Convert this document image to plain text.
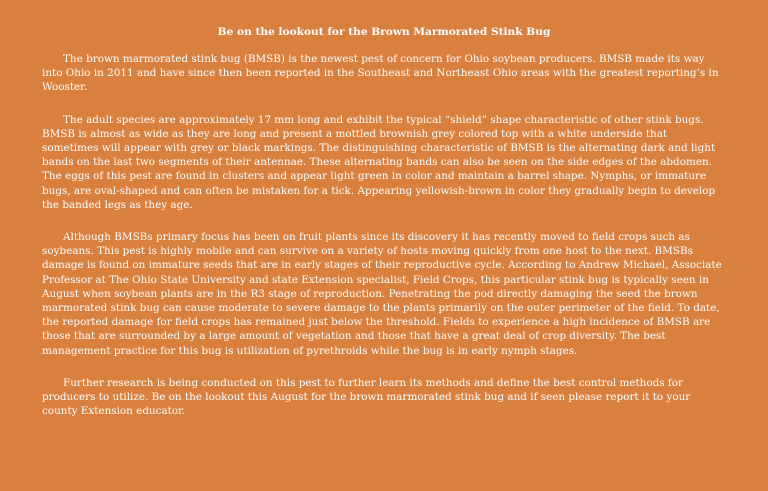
Be on the lookout for the Brown Marmorated Stink Bug

The brown marmorated stink bug (BMSB) is the newest pest of concern for Ohio soybean producers. BMSB made its way into Ohio in 2011 and have since then been reported in the Southeast and Northeast Ohio areas with the greatest reporting’s in Wooster.

The adult species are approximately 17 mm long and exhibit the typical “shield” shape characteristic of other stink bugs. BMSB is almost as wide as they are long and present a mottled brownish grey colored top with a white underside that sometimes will appear with grey or black markings. The distinguishing characteristic of BMSB is the alternating dark and light bands on the last two segments of their antennae. These alternating bands can also be seen on the side edges of the abdomen. The eggs of this pest are found in clusters and appear light green in color and maintain a barrel shape. Nymphs, or immature bugs, are oval-shaped and can often be mistaken for a tick. Appearing yellowish-brown in color they gradually begin to develop the banded legs as they age.

Although BMSBs primary focus has been on fruit plants since its discovery it has recently moved to field crops such as soybeans. This pest is highly mobile and can survive on a variety of hosts moving quickly from one host to the next. BMSBs damage is found on immature seeds that are in early stages of their reproductive cycle. According to Andrew Michael, Associate Professor at The Ohio State University and state Extension specialist, Field Crops, this particular stink bug is typically seen in August when soybean plants are in the R3 stage of reproduction. Penetrating the pod directly damaging the seed the brown marmorated stink bug can cause moderate to severe damage to the plants primarily on the outer perimeter of the field. To date, the reported damage for field crops has remained just below the threshold. Fields to experience a high incidence of BMSB are those that are surrounded by a large amount of vegetation and those that have a great deal of crop diversity. The best management practice for this bug is utilization of pyrethroids while the bug is in early nymph stages.

Further research is being conducted on this pest to further learn its methods and define the best control methods for producers to utilize. Be on the lookout this August for the brown marmorated stink bug and if seen please report it to your county Extension educator.
